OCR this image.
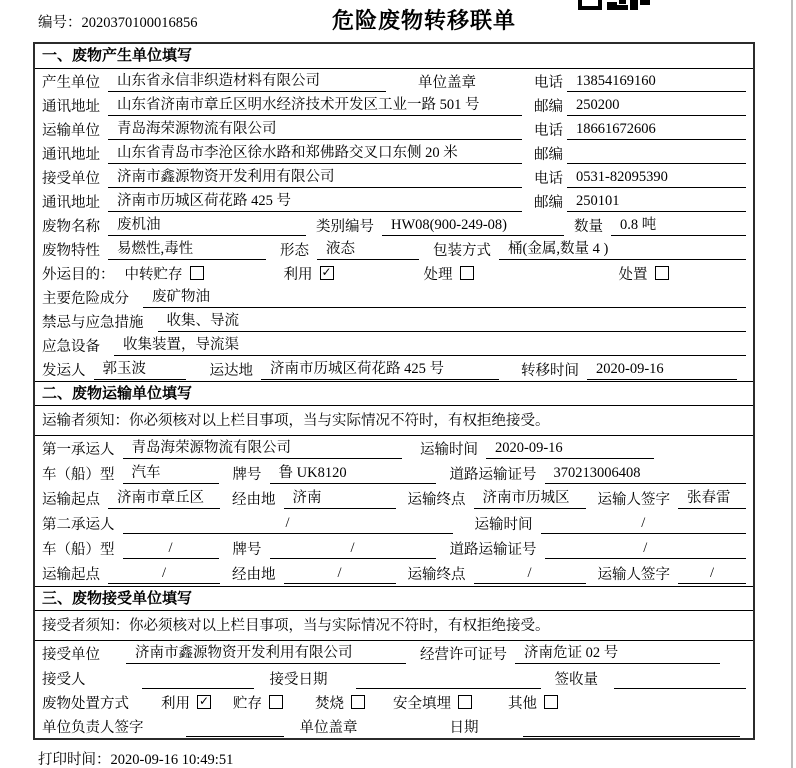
编号：2020370100016856	危险废物转移联单
一、废物产生单位填写
产生单位	山东省永信非织造材料有限公司	单位盖章	电话 13854169160
通讯地址	山东省济南市章丘区明水经济技术开发区工业一路 501 号	邮编 250200
运输单位	青岛海荣源物流有限公司	电话 18661672606
通讯地址	山东省青岛市李沧区徐水路和郑佛路交叉口东侧 20 米	邮编
接受单位	济南市鑫源物资开发利用有限公司	电话 0531-82095390
通讯地址	济南市历城区荷花路 425 号	邮编 250101
废物名称	废机油	类别编号	HW08(900-249-08)	数量	0.8 吨
废物特性	易燃性,毒性	形态	液态	包装方式	桶(金属,数量 4 )
外运目的： 中转贮存	利用 ✓	处理	处置
主要危险成分	废矿物油
禁忌与应急措施	收集、导流
应急设备	收集装置，导流渠
发运人	郭玉波	运达地	济南市历城区荷花路 425 号	转移时间	2020-09-16
二、废物运输单位填写
运输者须知：你必须核对以上栏目事项，当与实际情况不符时，有权拒绝接受。
第一承运人	青岛海荣源物流有限公司	运输时间	2020-09-16
车（船）型	汽车	牌号	鲁 UK8120	道路运输证号	370213006408
运输起点	济南市章丘区	经由地	济南	运输终点	济南市历城区	运输人签字	张春雷
第二承运人	/	运输时间	/
车（船）型	/	牌号	/	道路运输证号	/
运输起点	/	经由地	/	运输终点	/	运输人签字	/
三、废物接受单位填写
接受者须知：你必须核对以上栏目事项，当与实际情况不符时，有权拒绝接受。
接受单位	济南市鑫源物资开发利用有限公司	经营许可证号	济南危证 02 号
接受人	接受日期	签收量
废物处置方式 利用 ✓	贮存	焚烧	安全填埋	其他
单位负责人签字	单位盖章	日期
打印时间：2020-09-16 10:49:51
